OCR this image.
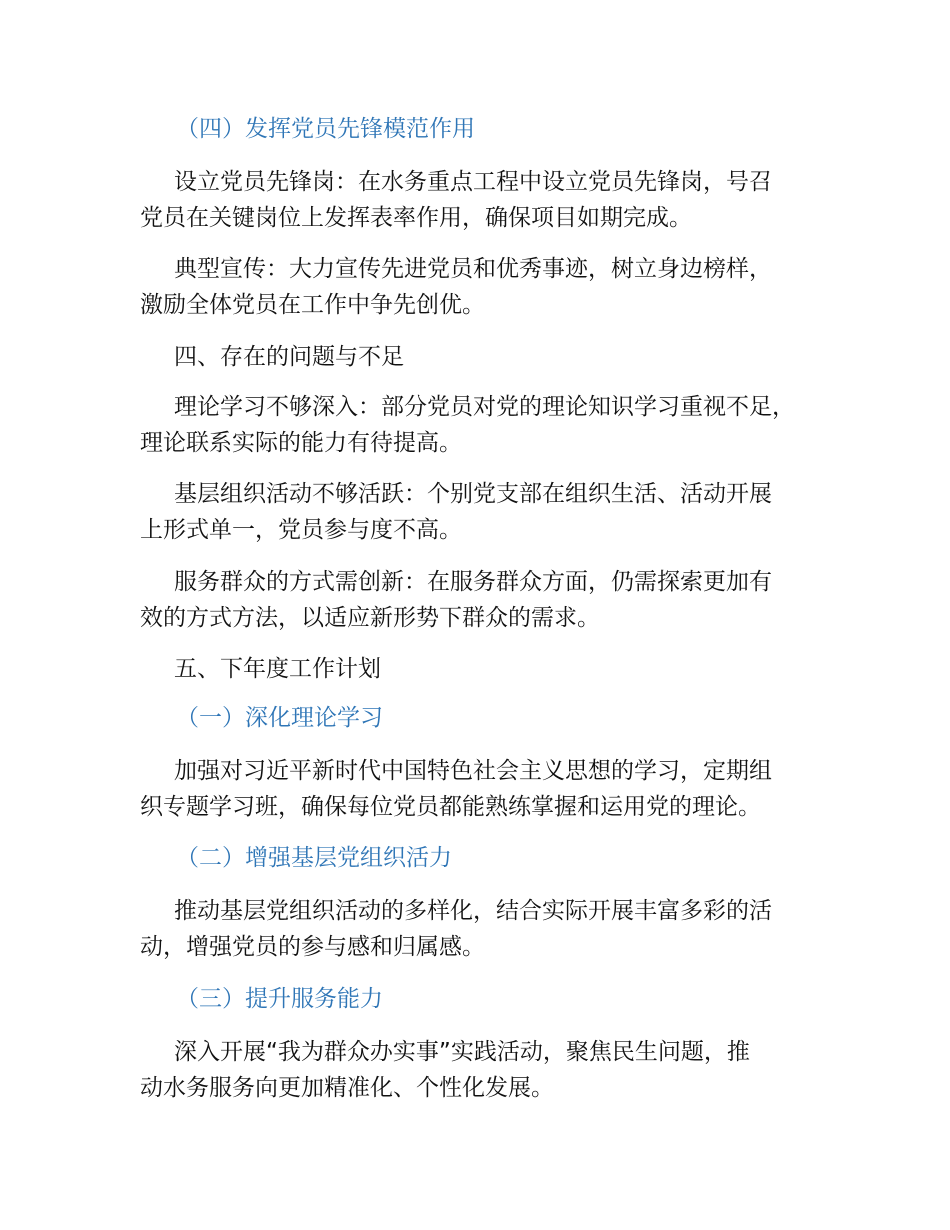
（四）发挥党员先锋模范作用

设立党员先锋岗：在水务重点工程中设立党员先锋岗，号召
党员在关键岗位上发挥表率作用，确保项目如期完成。

典型宣传：大力宣传先进党员和优秀事迹，树立身边榜样，
激励全体党员在工作中争先创优。

四、存在的问题与不足

理论学习不够深入：部分党员对党的理论知识学习重视不足，
理论联系实际的能力有待提高。

基层组织活动不够活跃：个别党支部在组织生活、活动开展
上形式单一，党员参与度不高。

服务群众的方式需创新：在服务群众方面，仍需探索更加有
效的方式方法，以适应新形势下群众的需求。

五、下年度工作计划

（一）深化理论学习

加强对习近平新时代中国特色社会主义思想的学习，定期组
织专题学习班，确保每位党员都能熟练掌握和运用党的理论。

（二）增强基层党组织活力

推动基层党组织活动的多样化，结合实际开展丰富多彩的活
动，增强党员的参与感和归属感。

（三）提升服务能力

深入开展“我为群众办实事”实践活动，聚焦民生问题，推
动水务服务向更加精准化、个性化发展。
